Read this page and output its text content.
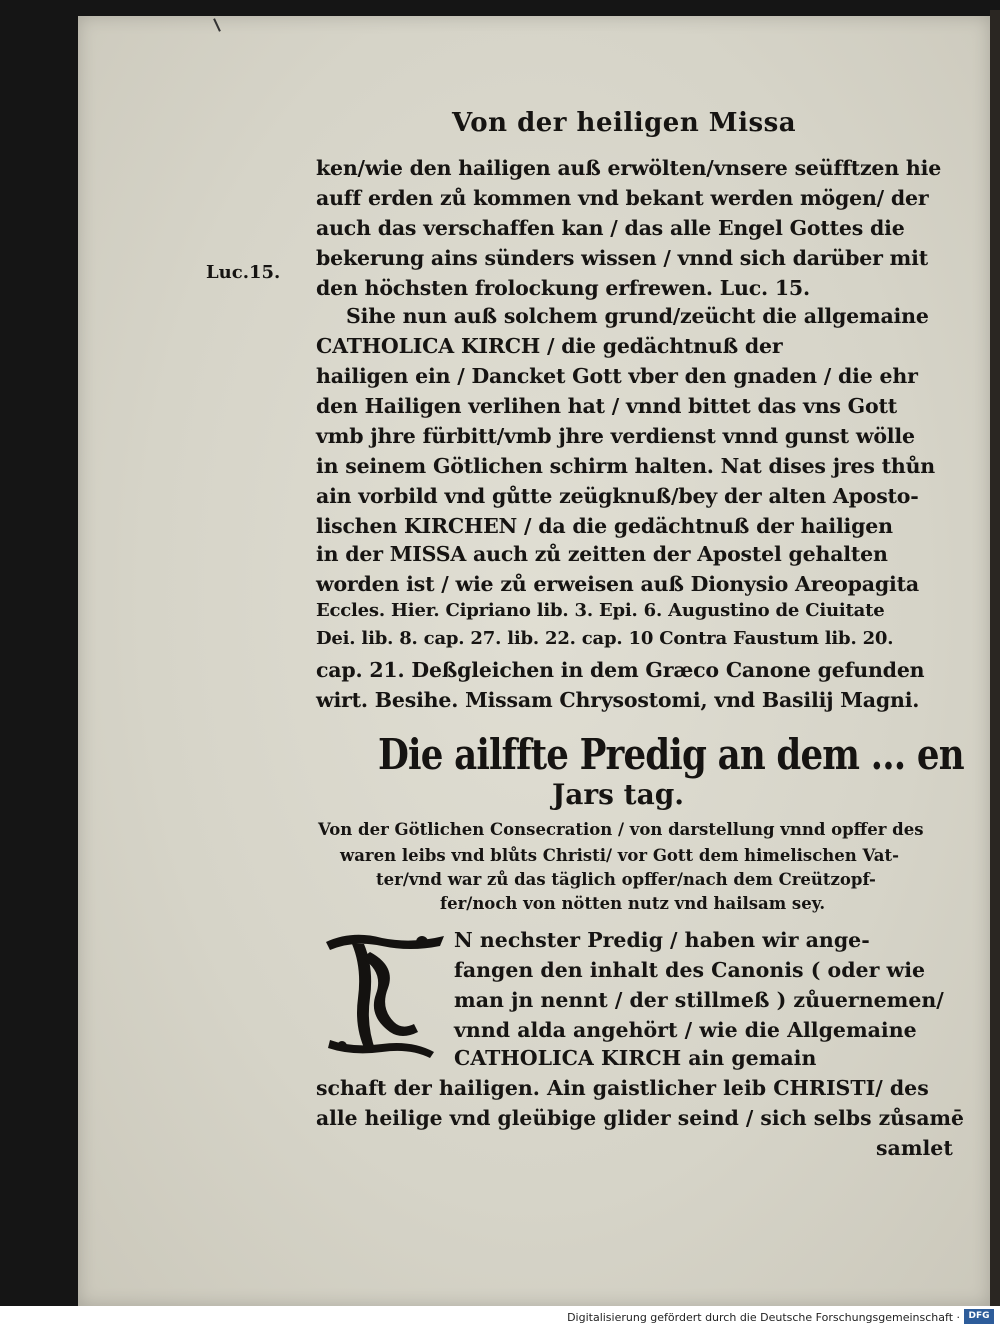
Von der heiligen Missa
Luc.15.
ken/wie den hailigen auß erwölten/vnsere seüfftzen hie
auff erden zů kommen vnd bekant werden mögen/ der
auch das verschaffen kan / das alle Engel Gottes die
bekerung ains sünders wissen / vnnd sich darüber mit
den höchsten frolockung erfrewen. Luc. 15.
Sihe nun auß solchem grund/zeücht die allgemaine
CATHOLICA KIRCH / die gedächtnuß der
hailigen ein / Dancket Gott vber den gnaden / die ehr
den Hailigen verlihen hat / vnnd bittet das vns Gott
vmb jhre fürbitt/vmb jhre verdienst vnnd gunst wölle
in seinem Götlichen schirm halten. Nat dises jres thůn
ain vorbild vnd gůtte zeügknuß/bey der alten Aposto-
lischen KIRCHEN / da die gedächtnuß der hailigen
in der MISSA auch zů zeitten der Apostel gehalten
worden ist / wie zů erweisen auß Dionysio Areopagita
Eccles. Hier. Cipriano lib. 3. Epi. 6. Augustino de Ciuitate
Dei. lib. 8. cap. 27. lib. 22. cap. 10 Contra Faustum lib. 20.
cap. 21. Deßgleichen in dem Græco Canone gefunden
wirt. Besihe. Missam Chrysostomi, vnd Basilij Magni.
Die ailffte Predig an dem ... en
Jars tag.
Von der Götlichen Consecration / von darstellung vnnd opffer des
waren leibs vnd blůts Christi/ vor Gott dem himelischen Vat-
ter/vnd war zů das täglich opffer/nach dem Creützopf-
fer/noch von nötten nutz vnd hailsam sey.
N nechster Predig / haben wir ange-
fangen den inhalt des Canonis ( oder wie
man jn nennt / der stillmeß ) zůuernemen/
vnnd alda angehört / wie die Allgemaine
CATHOLICA KIRCH ain gemain
schaft der hailigen. Ain gaistlicher leib CHRISTI/ des
alle heilige vnd gleübige glider seind / sich selbs zůsamē
samlet
Digitalisierung gefördert durch die Deutsche Forschungsgemeinschaft · DFG
